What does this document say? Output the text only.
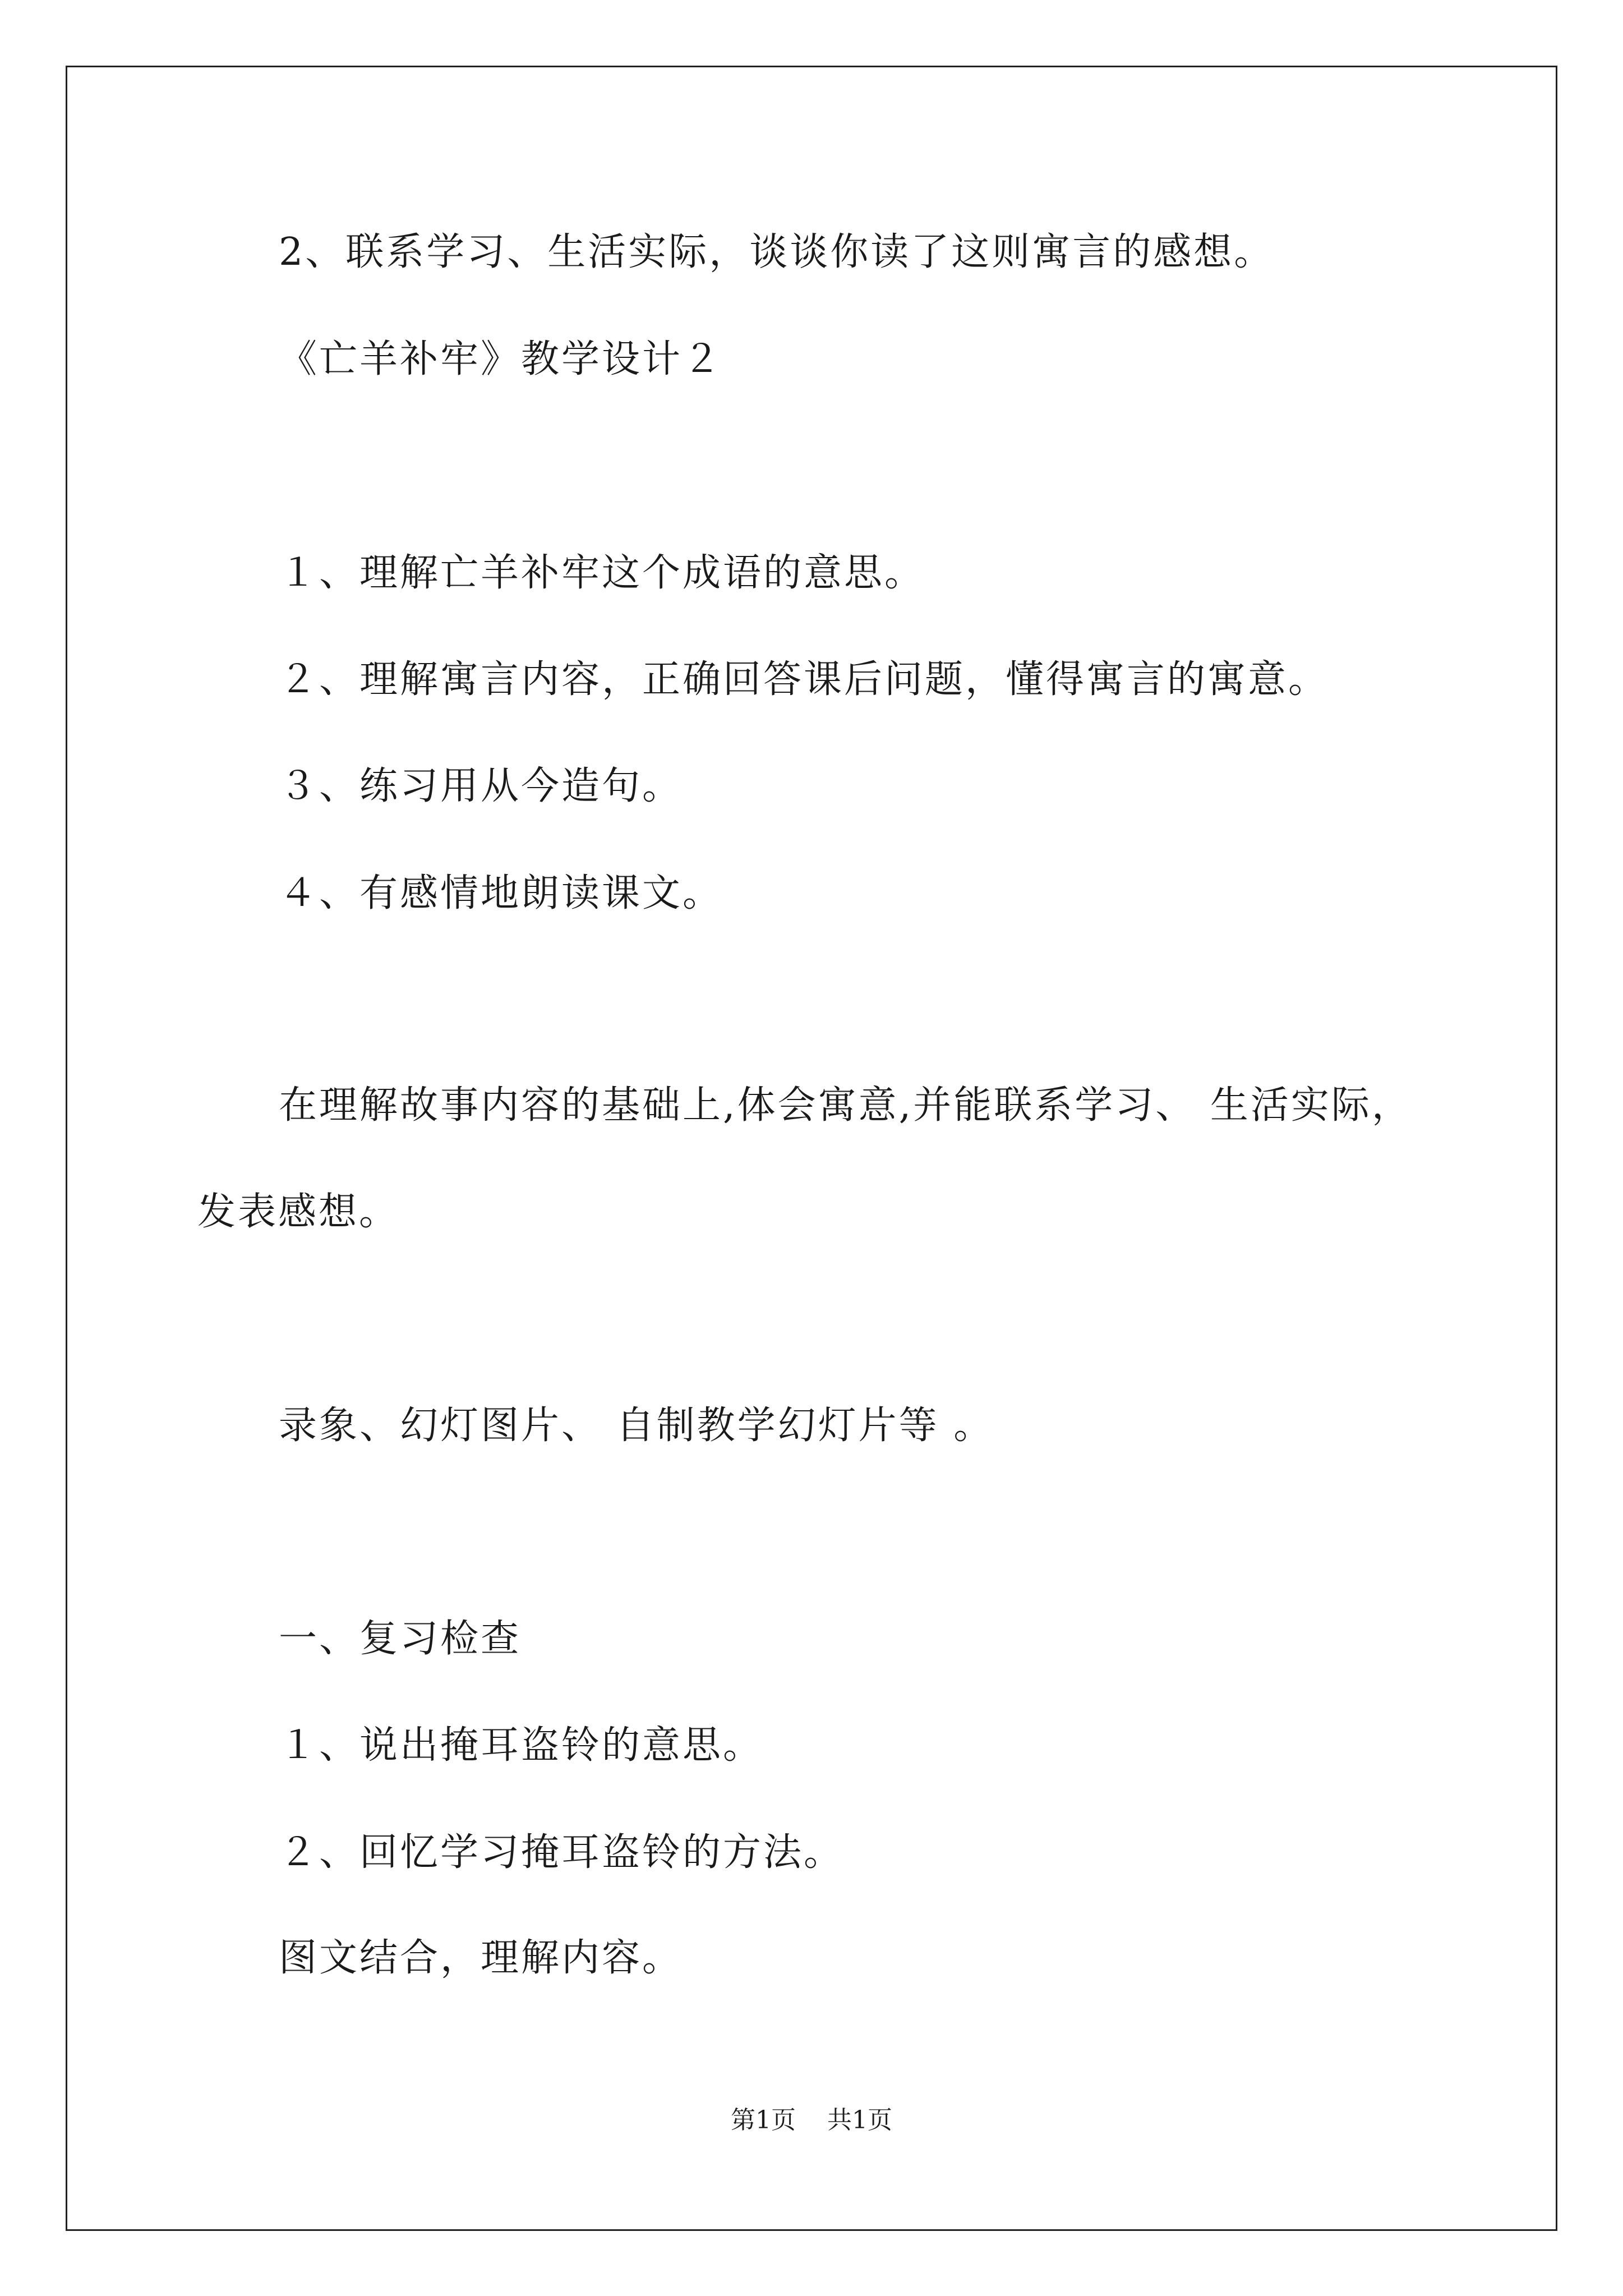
2、联系学习、生活实际，谈谈你读了这则寓言的感想。
《亡羊补牢》教学设计２
１、理解亡羊补牢这个成语的意思。
２、理解寓言内容，正确回答课后问题，懂得寓言的寓意。
３、练习用从今造句。
４、有感情地朗读课文。
在理解故事内容的基础上,体会寓意,并能联系学习、 生活实际，
发表感想。
录象、幻灯图片、 自制教学幻灯片等 。
一、复习检查
１、说出掩耳盗铃的意思。
２、回忆学习掩耳盗铃的方法。
图文结合，理解内容。
第1页 共1页
